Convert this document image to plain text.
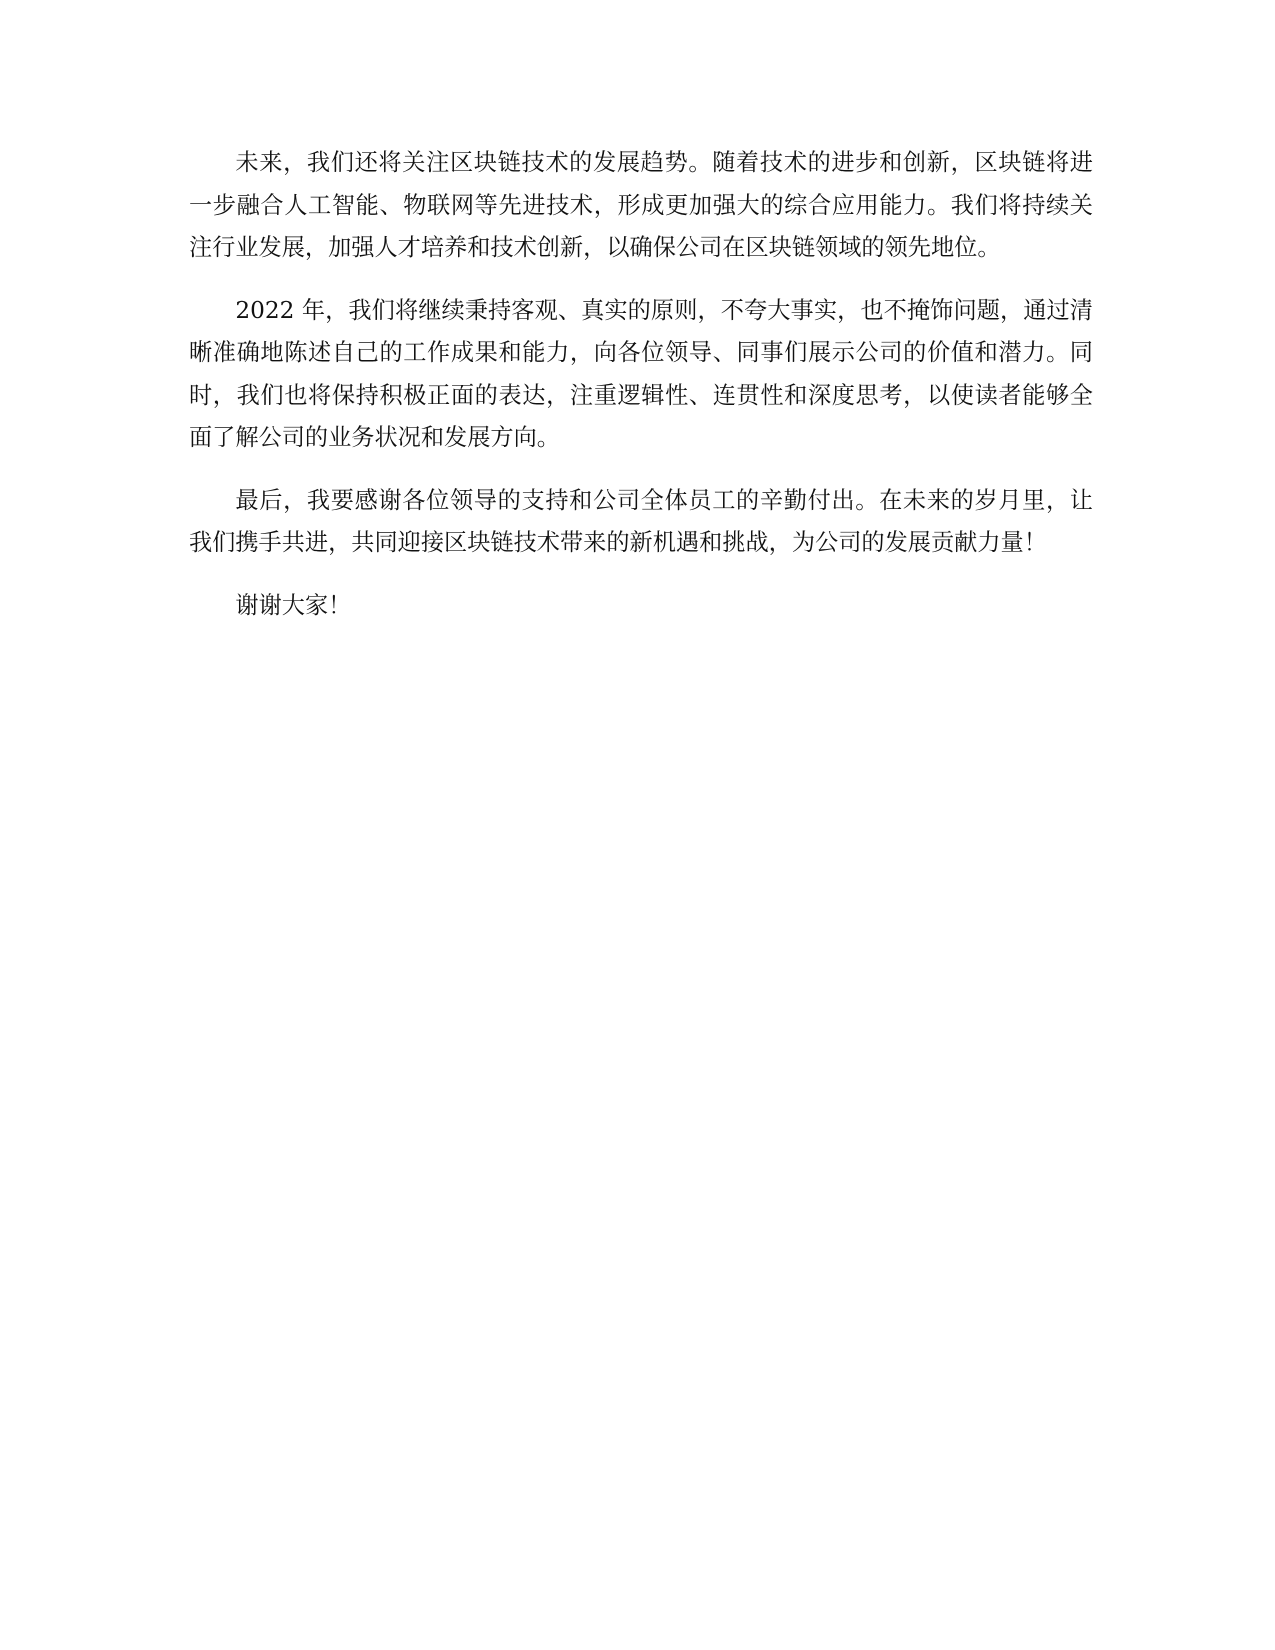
未来，我们还将关注区块链技术的发展趋势。随着技术的进步和创新，区块链将进一步融合人工智能、物联网等先进技术，形成更加强大的综合应用能力。我们将持续关注行业发展，加强人才培养和技术创新，以确保公司在区块链领域的领先地位。

2022 年，我们将继续秉持客观、真实的原则，不夸大事实，也不掩饰问题，通过清晰准确地陈述自己的工作成果和能力，向各位领导、同事们展示公司的价值和潜力。同时，我们也将保持积极正面的表达，注重逻辑性、连贯性和深度思考，以使读者能够全面了解公司的业务状况和发展方向。

最后，我要感谢各位领导的支持和公司全体员工的辛勤付出。在未来的岁月里，让我们携手共进，共同迎接区块链技术带来的新机遇和挑战，为公司的发展贡献力量！

谢谢大家！
